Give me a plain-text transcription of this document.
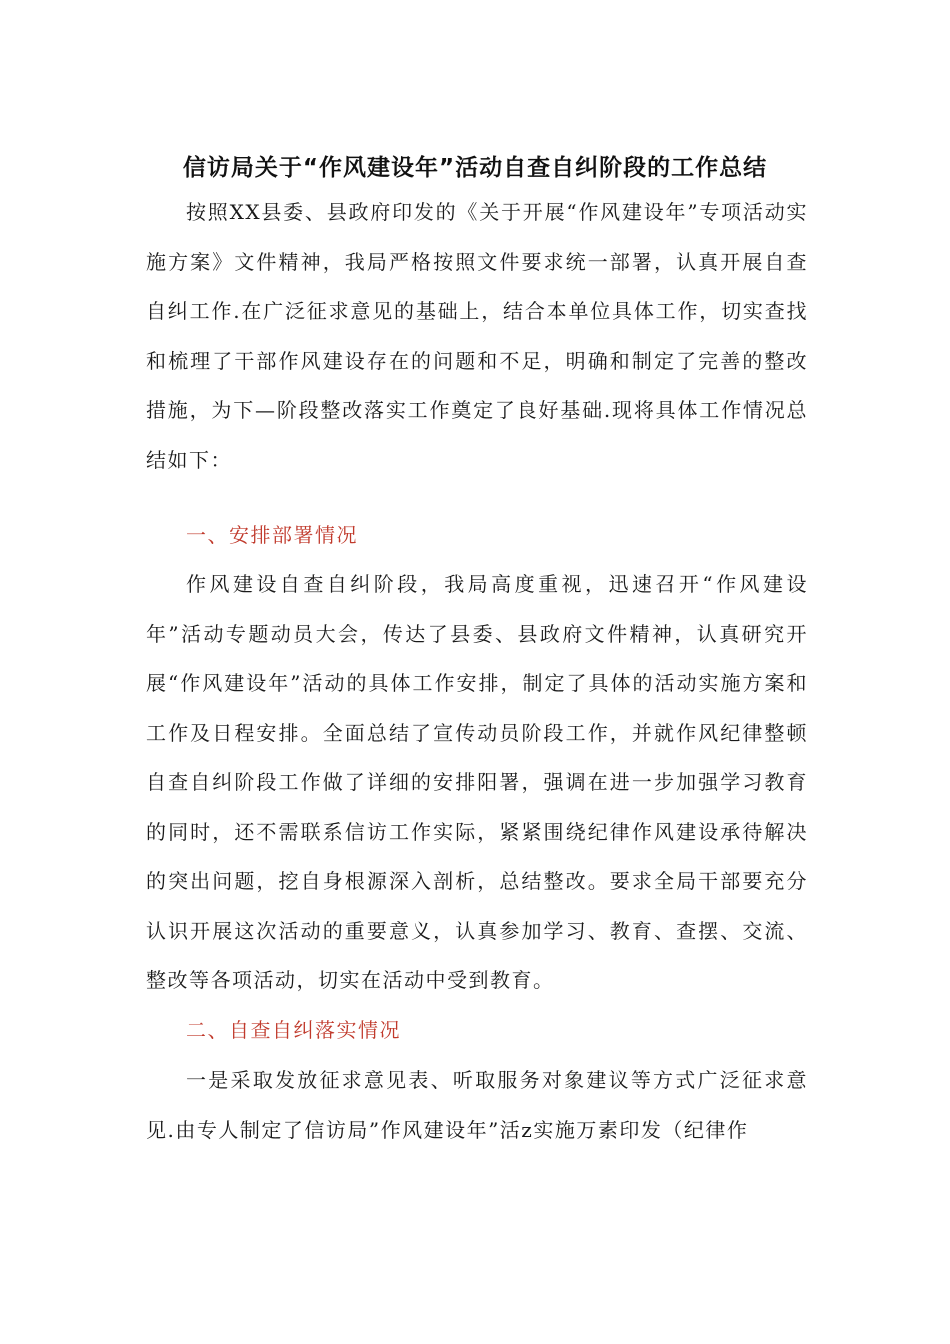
信访局关于“作风建设年”活动自查自纠阶段的工作总结

按照XX县委、县政府印发的《关于开展“作风建设年”专项活动实施方案》文件精神，我局严格按照文件要求统一部署，认真开展自查自纠工作.在广泛征求意见的基础上，结合本单位具体工作，切实查找和梳理了干部作风建设存在的问题和不足，明确和制定了完善的整改措施，为下—阶段整改落实工作奠定了良好基础.现将具体工作情况总结如下：

一、安排部署情况

作风建设自查自纠阶段，我局高度重视，迅速召开“作风建设年”活动专题动员大会，传达了县委、县政府文件精神，认真研究开展“作风建设年”活动的具体工作安排，制定了具体的活动实施方案和工作及日程安排。全面总结了宣传动员阶段工作，并就作风纪律整顿自查自纠阶段工作做了详细的安排阳署，强调在进一步加强学习教育的同时，还不需联系信访工作实际，紧紧围绕纪律作风建设承待解决的突出问题，挖自身根源深入剖析，总结整改。要求全局干部要充分认识开展这次活动的重要意义，认真参加学习、教育、查摆、交流、整改等各项活动，切实在活动中受到教育。

二、自查自纠落实情况

一是采取发放征求意见表、听取服务对象建议等方式广泛征求意见.由专人制定了信访局”作风建设年”活z实施万素印发（纪律作
